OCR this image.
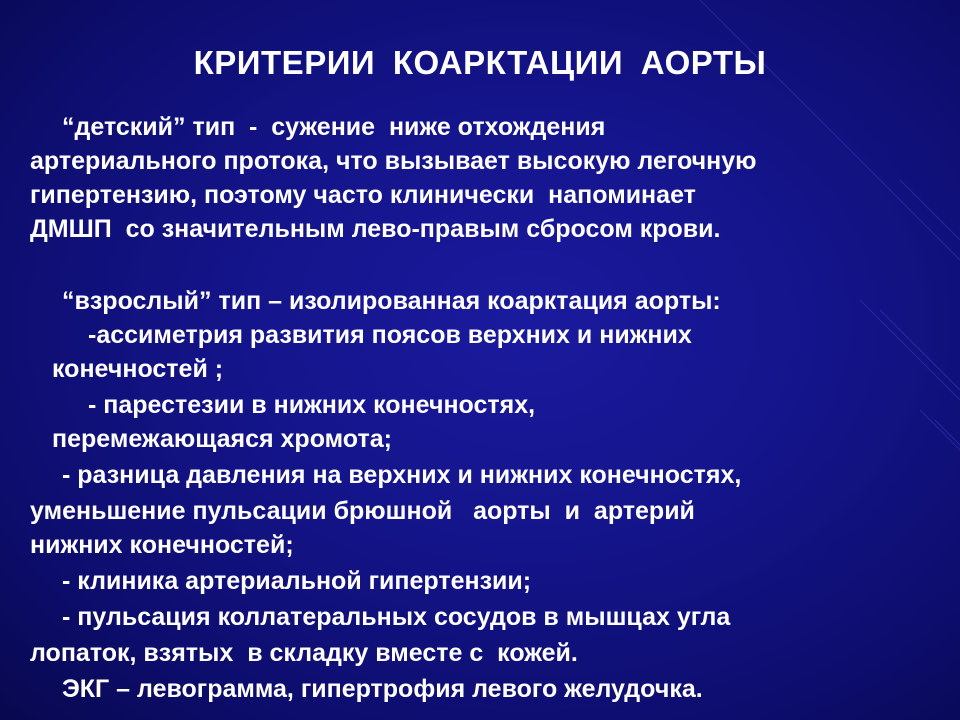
КРИТЕРИИ КОАРКТАЦИИ АОРТЫ
“детский” тип  -  сужение  ниже отхождения
артериального протока, что вызывает высокую легочную
гипертензию, поэтому часто клинически  напоминает
ДМШП  со значительным лево-правым сбросом крови.
“взрослый” тип – изолированная коарктация аорты:
-ассиметрия развития поясов верхних и нижних
конечностей ;
- парестезии в нижних конечностях,
перемежающаяся хромота;
- разница давления на верхних и нижних конечностях,
уменьшение пульсации брюшной   аорты  и  артерий
нижних конечностей;
- клиника артериальной гипертензии;
- пульсация коллатеральных сосудов в мышцах угла
лопаток, взятых  в складку вместе с  кожей.
ЭКГ – левограмма, гипертрофия левого желудочка.
